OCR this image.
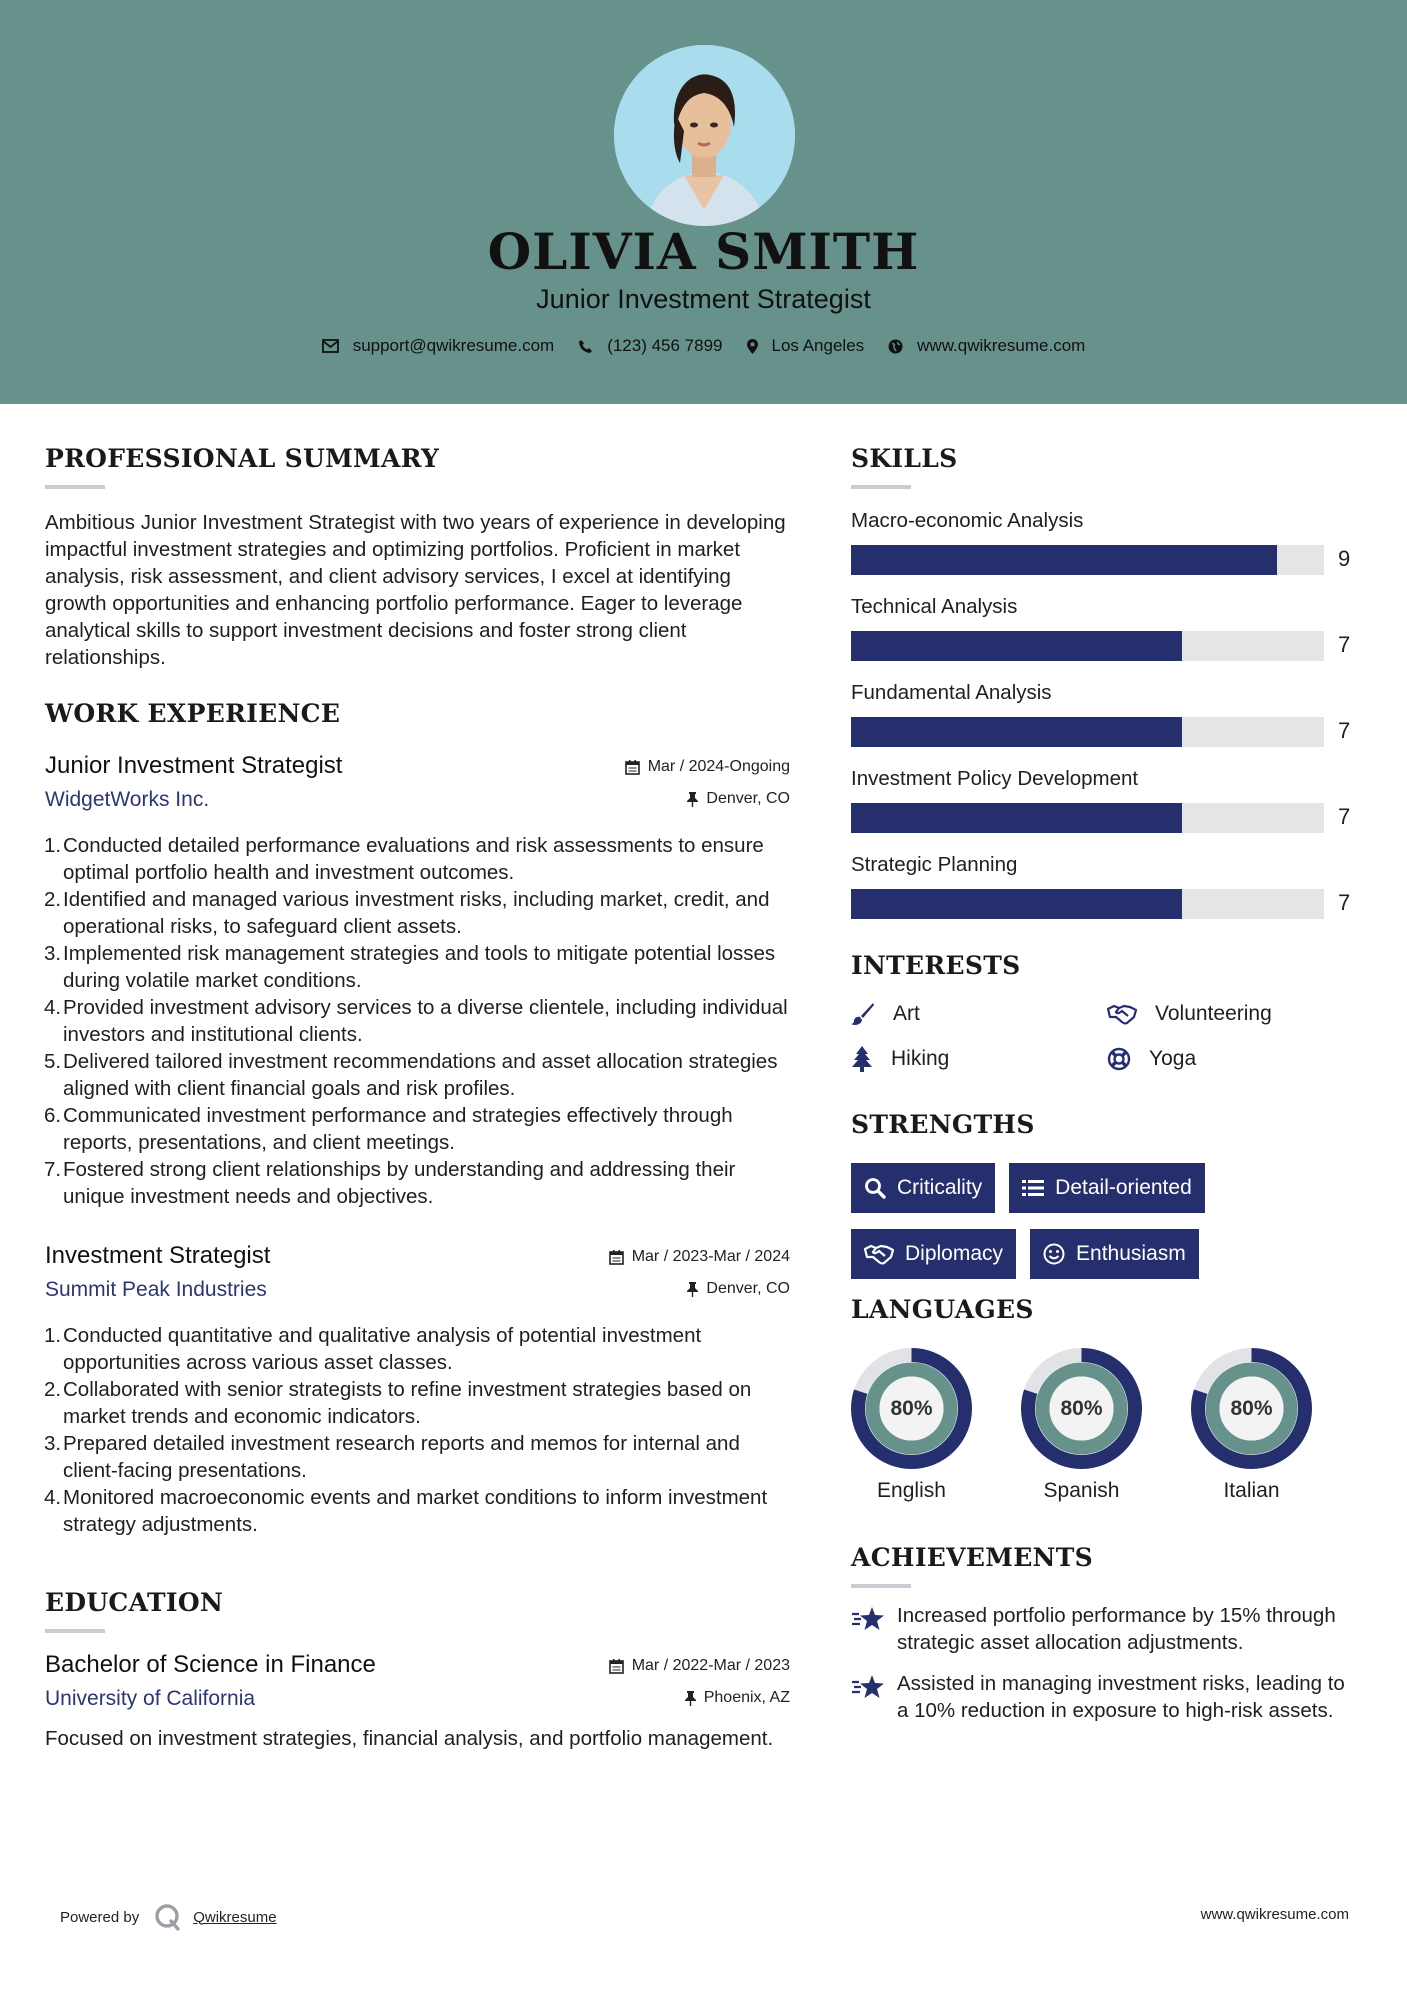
OLIVIA SMITH
Junior Investment Strategist
support@qwikresume.com	(123) 456 7899	Los Angeles	www.qwikresume.com
PROFESSIONAL SUMMARY

Ambitious Junior Investment Strategist with two years of experience in developing impactful investment strategies and optimizing portfolios. Proficient in market analysis, risk assessment, and client advisory services, I excel at identifying growth opportunities and enhancing portfolio performance. Eager to leverage analytical skills to support investment decisions and foster strong client relationships.

WORK EXPERIENCE
Junior Investment Strategist
WidgetWorks Inc.
Mar / 2024-Ongoing
Denver, CO
1. Conducted detailed performance evaluations and risk assessments to ensure optimal portfolio health and investment outcomes.
2. Identified and managed various investment risks, including market, credit, and operational risks, to safeguard client assets.
3. Implemented risk management strategies and tools to mitigate potential losses during volatile market conditions.
4. Provided investment advisory services to a diverse clientele, including individual investors and institutional clients.
5. Delivered tailored investment recommendations and asset allocation strategies aligned with client financial goals and risk profiles.
6. Communicated investment performance and strategies effectively through reports, presentations, and client meetings.
7. Fostered strong client relationships by understanding and addressing their unique investment needs and objectives.
Investment Strategist
Summit Peak Industries
Mar / 2023-Mar / 2024
Denver, CO
1. Conducted quantitative and qualitative analysis of potential investment opportunities across various asset classes.
2. Collaborated with senior strategists to refine investment strategies based on market trends and economic indicators.
3. Prepared detailed investment research reports and memos for internal and client-facing presentations.
4. Monitored macroeconomic events and market conditions to inform investment strategy adjustments.
EDUCATION
Bachelor of Science in Finance
University of California
Mar / 2022-Mar / 2023
Phoenix, AZ

Focused on investment strategies, financial analysis, and portfolio management.

SKILLS
Macro-economic Analysis
9
Technical Analysis
7
Fundamental Analysis
7
Investment Policy Development
7
Strategic Planning
7
INTERESTS
Art	Volunteering
Hiking	Yoga
STRENGTHS
Criticality	Detail-oriented
Diplomacy	Enthusiasm
LANGUAGES
80%
English
80%
Spanish
80%
Italian
ACHIEVEMENTS
Increased portfolio performance by 15% through strategic asset allocation adjustments.
Assisted in managing investment risks, leading to a 10% reduction in exposure to high-risk assets.
Powered by	Qwikresume	www.qwikresume.com
